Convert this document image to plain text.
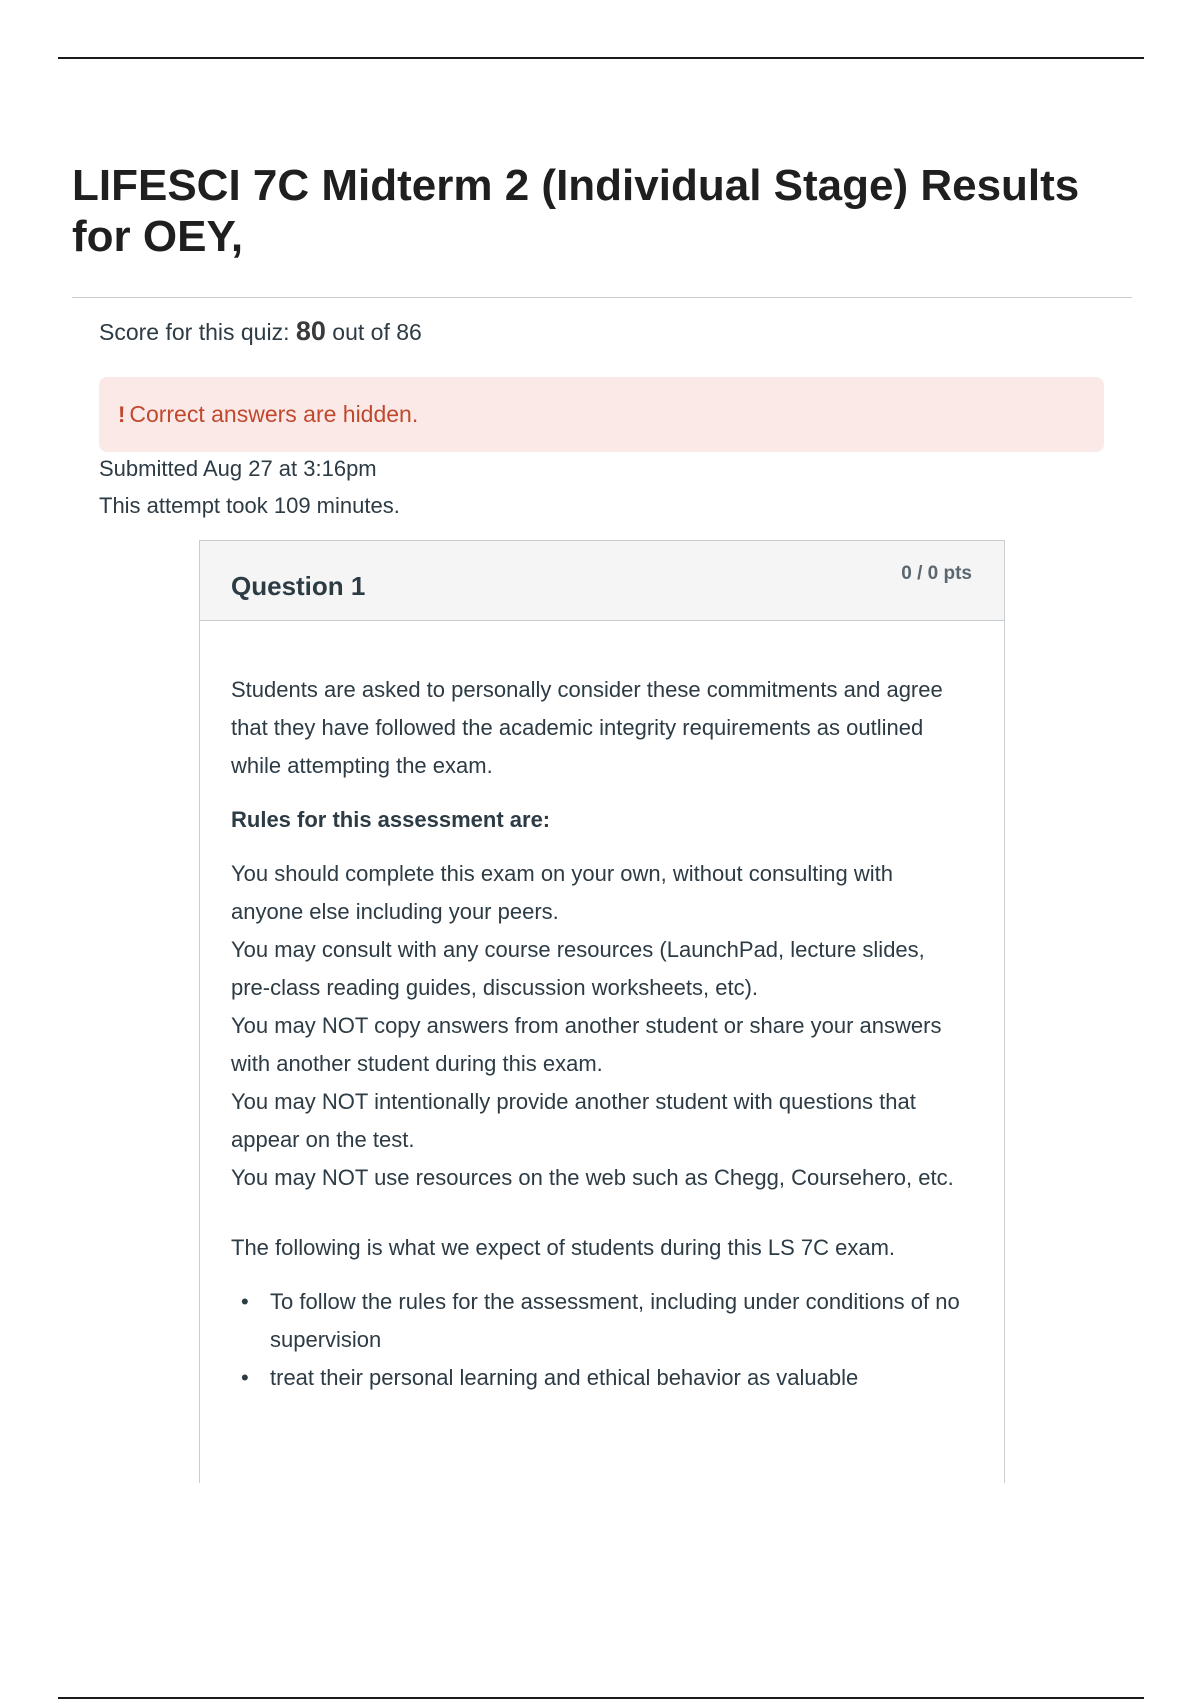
LIFESCI 7C Midterm 2 (Individual Stage) Results for OEY,
Score for this quiz: 80 out of 86
! Correct answers are hidden.
Submitted Aug 27 at 3:16pm
This attempt took 109 minutes.
Question 1	0 / 0 pts

Students are asked to personally consider these commitments and agree that they have followed the academic integrity requirements as outlined while attempting the exam.

Rules for this assessment are:

You should complete this exam on your own, without consulting with anyone else including your peers.

You may consult with any course resources (LaunchPad, lecture slides, pre-class reading guides, discussion worksheets, etc).

You may NOT copy answers from another student or share your answers with another student during this exam.

You may NOT intentionally provide another student with questions that appear on the test.

You may NOT use resources on the web such as Chegg, Coursehero, etc.

The following is what we expect of students during this LS 7C exam.

• To follow the rules for the assessment, including under conditions of no supervision
• treat their personal learning and ethical behavior as valuable
